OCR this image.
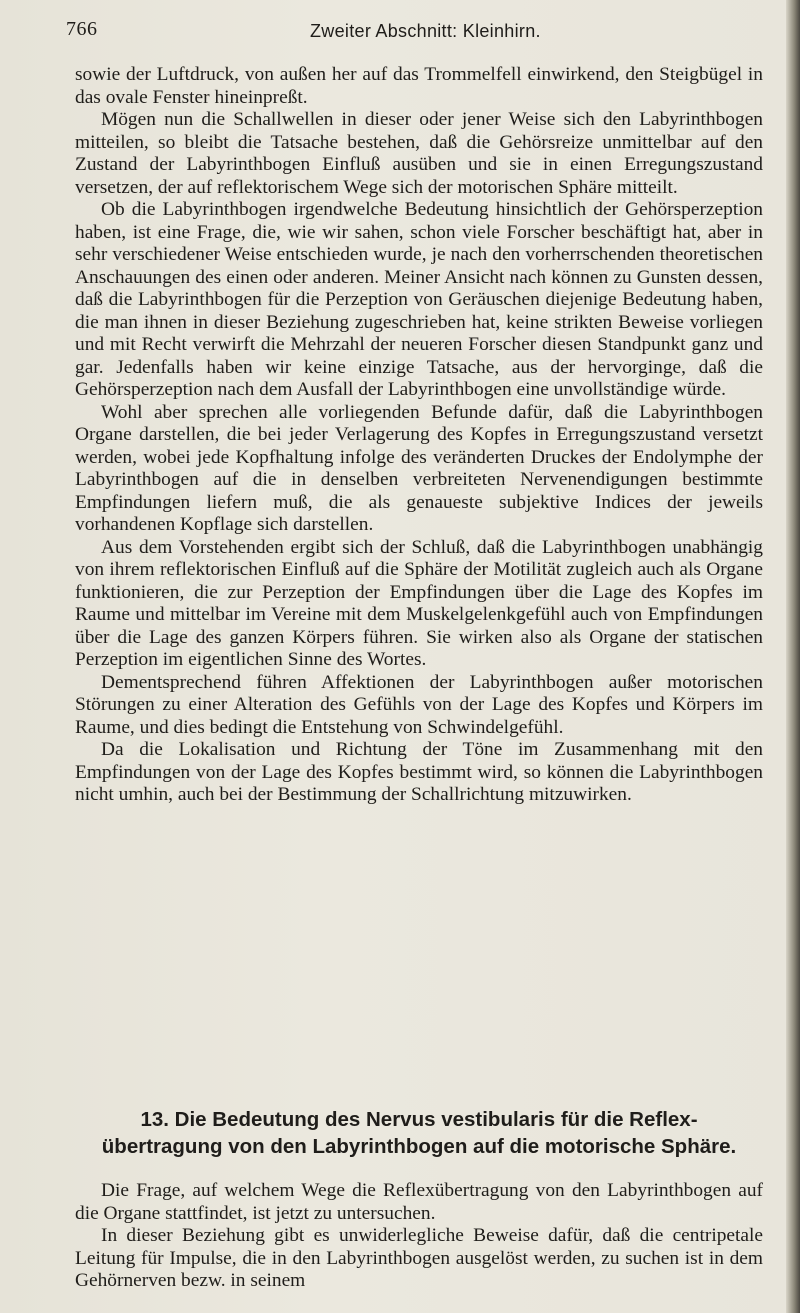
766	Zweiter Abschnitt: Kleinhirn.

sowie der Luftdruck, von außen her auf das Trommelfell einwirkend, den Steigbügel in das ovale Fenster hineinpreßt.

Mögen nun die Schallwellen in dieser oder jener Weise sich den Labyrinthbogen mitteilen, so bleibt die Tatsache bestehen, daß die Gehörsreize unmittelbar auf den Zustand der Labyrinthbogen Einfluß ausüben und sie in einen Erregungszustand versetzen, der auf reflektorischem Wege sich der motorischen Sphäre mitteilt.

Ob die Labyrinthbogen irgendwelche Bedeutung hinsichtlich der Gehörsperzeption haben, ist eine Frage, die, wie wir sahen, schon viele Forscher beschäftigt hat, aber in sehr verschiedener Weise entschieden wurde, je nach den vorherrschenden theoretischen Anschauungen des einen oder anderen. Meiner Ansicht nach können zu Gunsten dessen, daß die Labyrinthbogen für die Perzeption von Geräuschen diejenige Bedeutung haben, die man ihnen in dieser Beziehung zugeschrieben hat, keine strikten Beweise vorliegen und mit Recht verwirft die Mehrzahl der neueren Forscher diesen Standpunkt ganz und gar. Jedenfalls haben wir keine einzige Tatsache, aus der hervorginge, daß die Gehörsperzeption nach dem Ausfall der Labyrinthbogen eine unvollständige würde.

Wohl aber sprechen alle vorliegenden Befunde dafür, daß die Labyrinthbogen Organe darstellen, die bei jeder Verlagerung des Kopfes in Erregungszustand versetzt werden, wobei jede Kopfhaltung infolge des veränderten Druckes der Endolymphe der Labyrinthbogen auf die in denselben verbreiteten Nervenendigungen bestimmte Empfindungen liefern muß, die als genaueste subjektive Indices der jeweils vorhandenen Kopflage sich darstellen.

Aus dem Vorstehenden ergibt sich der Schluß, daß die Labyrinthbogen unabhängig von ihrem reflektorischen Einfluß auf die Sphäre der Motilität zugleich auch als Organe funktionieren, die zur Perzeption der Empfindungen über die Lage des Kopfes im Raume und mittelbar im Vereine mit dem Muskelgelenkgefühl auch von Empfindungen über die Lage des ganzen Körpers führen. Sie wirken also als Organe der statischen Perzeption im eigentlichen Sinne des Wortes.

Dementsprechend führen Affektionen der Labyrinthbogen außer motorischen Störungen zu einer Alteration des Gefühls von der Lage des Kopfes und Körpers im Raume, und dies bedingt die Entstehung von Schwindelgefühl.

Da die Lokalisation und Richtung der Töne im Zusammenhang mit den Empfindungen von der Lage des Kopfes bestimmt wird, so können die Labyrinthbogen nicht umhin, auch bei der Bestimmung der Schallrichtung mitzuwirken.

13. Die Bedeutung des Nervus vestibularis für die Reflex-
übertragung von den Labyrinthbogen auf die motorische Sphäre.

Die Frage, auf welchem Wege die Reflexübertragung von den Labyrinthbogen auf die Organe stattfindet, ist jetzt zu untersuchen.

In dieser Beziehung gibt es unwiderlegliche Beweise dafür, daß die centripetale Leitung für Impulse, die in den Labyrinthbogen ausgelöst werden, zu suchen ist in dem Gehörnerven bezw. in seinem
